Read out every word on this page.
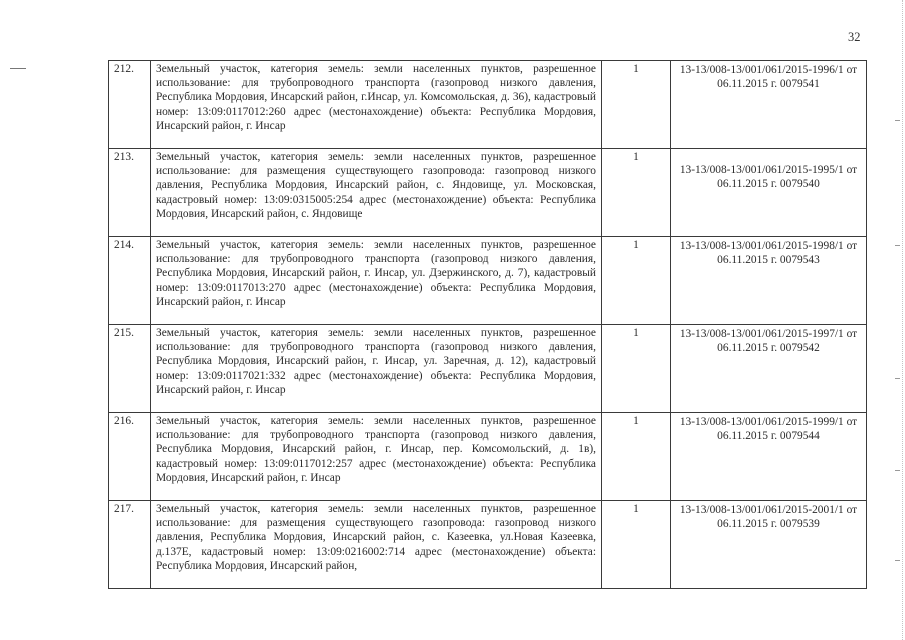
32
212.	Земельный участок, категория земель: земли населенных пунктов, разрешенное использование: для трубопроводного транспорта (газопровод низкого давления, Республика Мордовия, Инсарский район, г.Инсар, ул. Комсомольская, д. 36), кадастровый номер: 13:09:0117012:260 адрес (местонахождение) объекта: Республика Мордовия, Инсарский район, г. Инсар	1	13-13/008-13/001/061/2015-1996/1 от 06.11.2015 г. 0079541

213.	Земельный участок, категория земель: земли населенных пунктов, разрешенное использование: для размещения существующего газопровода: газопровод низкого давления, Республика Мордовия, Инсарский район, с. Яндовище, ул. Московская, кадастровый номер: 13:09:0315005:254 адрес (местонахождение) объекта: Республика Мордовия, Инсарский район, с. Яндовище	1	13-13/008-13/001/061/2015-1995/1 от 06.11.2015 г. 0079540

214.	Земельный участок, категория земель: земли населенных пунктов, разрешенное использование: для трубопроводного транспорта (газопровод низкого давления, Республика Мордовия, Инсарский район, г. Инсар, ул. Дзержинского, д. 7), кадастровый номер: 13:09:0117013:270 адрес (местонахождение) объекта: Республика Мордовия, Инсарский район, г. Инсар	1	13-13/008-13/001/061/2015-1998/1 от 06.11.2015 г. 0079543

215.	Земельный участок, категория земель: земли населенных пунктов, разрешенное использование: для трубопроводного транспорта (газопровод низкого давления, Республика Мордовия, Инсарский район, г. Инсар, ул. Заречная, д. 12), кадастровый номер: 13:09:0117021:332 адрес (местонахождение) объекта: Республика Мордовия, Инсарский район, г. Инсар	1	13-13/008-13/001/061/2015-1997/1 от 06.11.2015 г. 0079542

216.	Земельный участок, категория земель: земли населенных пунктов, разрешенное использование: для трубопроводного транспорта (газопровод низкого давления, Республика Мордовия, Инсарский район, г. Инсар, пер. Комсомольский, д. 1в), кадастровый номер: 13:09:0117012:257 адрес (местонахождение) объекта: Республика Мордовия, Инсарский район, г. Инсар	1	13-13/008-13/001/061/2015-1999/1 от 06.11.2015 г. 0079544

217.	Земельный участок, категория земель: земли населенных пунктов, разрешенное использование: для размещения существующего газопровода: газопровод низкого давления, Республика Мордовия, Инсарский район, с. Казеевка, ул.Новая Казеевка, д.137Е, кадастровый номер: 13:09:0216002:714 адрес (местонахождение) объекта: Республика Мордовия, Инсарский район,	1	13-13/008-13/001/061/2015-2001/1 от 06.11.2015 г. 0079539
